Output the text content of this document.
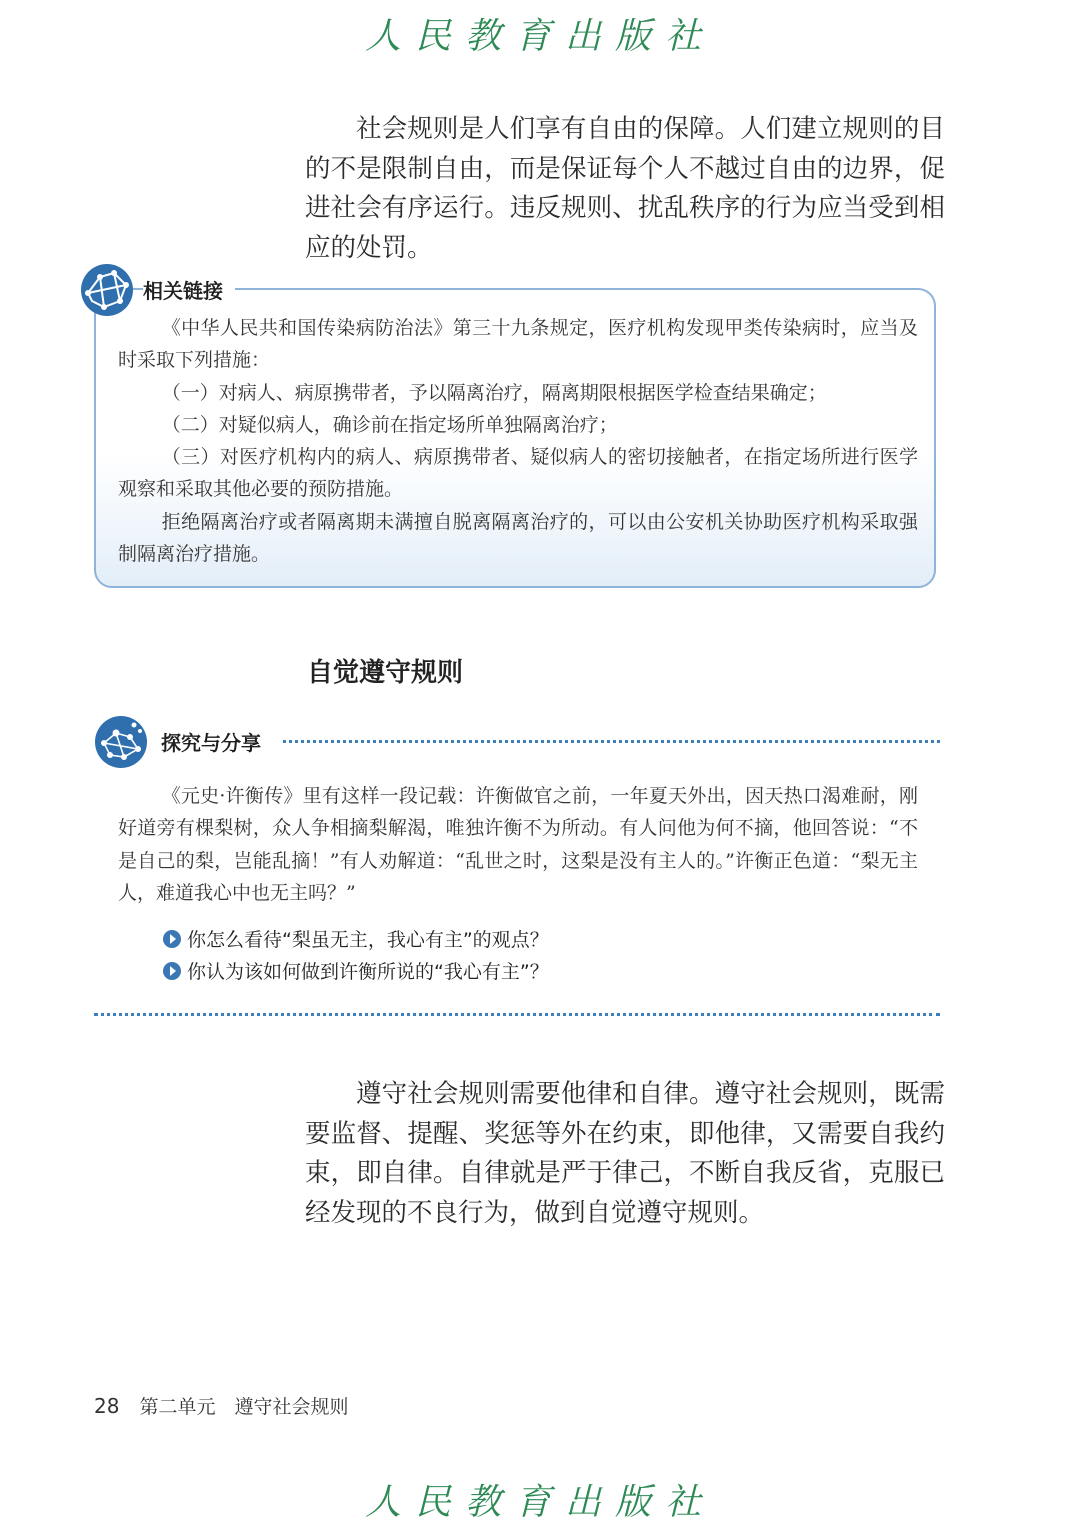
人民教育出版社
社会规则是人们享有自由的保障。人们建立规则的目的不是限制自由，而是保证每个人不越过自由的边界，促进社会有序运行。违反规则、扰乱秩序的行为应当受到相应的处罚。
相关链接

《中华人民共和国传染病防治法》第三十九条规定，医疗机构发现甲类传染病时，应当及时采取下列措施：

（一）对病人、病原携带者，予以隔离治疗，隔离期限根据医学检查结果确定；

（二）对疑似病人，确诊前在指定场所单独隔离治疗；

（三）对医疗机构内的病人、病原携带者、疑似病人的密切接触者，在指定场所进行医学观察和采取其他必要的预防措施。

拒绝隔离治疗或者隔离期未满擅自脱离隔离治疗的，可以由公安机关协助医疗机构采取强制隔离治疗措施。

自觉遵守规则
探究与分享

《元史·许衡传》里有这样一段记载：许衡做官之前，一年夏天外出，因天热口渴难耐，刚好道旁有棵梨树，众人争相摘梨解渴，唯独许衡不为所动。有人问他为何不摘，他回答说：“不是自己的梨，岂能乱摘！”有人劝解道：“乱世之时，这梨是没有主人的。”许衡正色道：“梨无主人，难道我心中也无主吗？”

你怎么看待“梨虽无主，我心有主”的观点？
你认为该如何做到许衡所说的“我心有主”？
遵守社会规则需要他律和自律。遵守社会规则，既需要监督、提醒、奖惩等外在约束，即他律，又需要自我约束，即自律。自律就是严于律己，不断自我反省，克服已经发现的不良行为，做到自觉遵守规则。
28 第二单元　遵守社会规则
人民教育出版社
